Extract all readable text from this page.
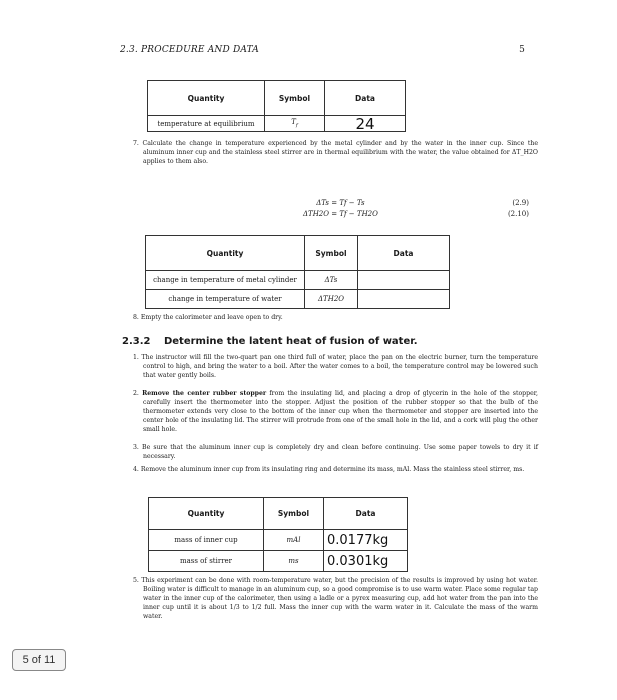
2.3. PROCEDURE AND DATA	5
Quantity	Symbol	Data
temperature at equilibrium	$T_f$	24
7. Calculate the change in temperature experienced by the metal cylinder and by the water in the inner cup. Since the aluminum inner cup and the stainless steel stirrer are in thermal equilibrium with the water, the value obtained for ΔT_H2O applies to them also.
ΔTs = Tf − Ts	(2.9)
ΔTH2O = Tf − TH2O	(2.10)
Quantity	Symbol	Data
change in temperature of metal cylinder	ΔTs	
change in temperature of water	ΔTH2O	
8. Empty the calorimeter and leave open to dry.
2.3.2 Determine the latent heat of fusion of water.
1. The instructor will fill the two-quart pan one third full of water, place the pan on the electric burner, turn the temperature control to high, and bring the water to a boil. After the water comes to a boil, the temperature control may be lowered such that water gently boils.
2. Remove the center rubber stopper from the insulating lid, and placing a drop of glycerin in the hole of the stopper, carefully insert the thermometer into the stopper. Adjust the position of the rubber stopper so that the bulb of the thermometer extends very close to the bottom of the inner cup when the thermometer and stopper are inserted into the center hole of the insulating lid. The stirrer will protrude from one of the small hole in the lid, and a cork will plug the other small hole.
3. Be sure that the aluminum inner cup is completely dry and clean before continuing. Use some paper towels to dry it if necessary.
4. Remove the aluminum inner cup from its insulating ring and determine its mass, mAl. Mass the stainless steel stirrer, ms.
Quantity	Symbol	Data
mass of inner cup	mAl	0.0177kg
mass of stirrer	ms	0.0301kg
5. This experiment can be done with room-temperature water, but the precision of the results is improved by using hot water. Boiling water is difficult to manage in an aluminum cup, so a good compromise is to use warm water. Place some regular tap water in the inner cup of the calorimeter, then using a ladle or a pyrex measuring cup, add hot water from the pan into the inner cup until it is about 1/3 to 1/2 full. Mass the inner cup with the warm water in it. Calculate the mass of the warm water.
5 of 11
